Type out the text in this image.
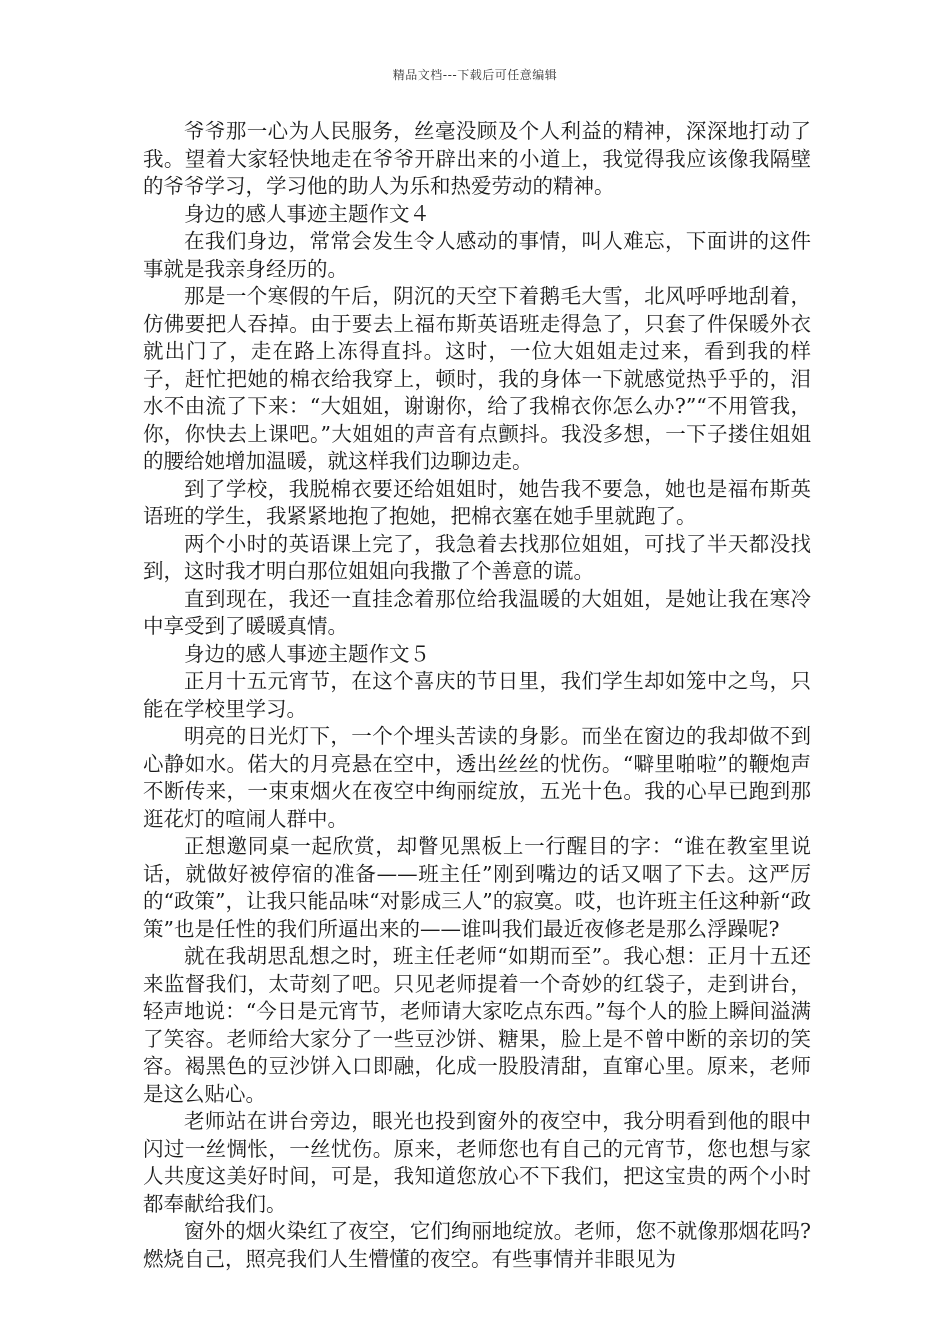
精品文档---下载后可任意编辑

爷爷那一心为人民服务，丝毫没顾及个人利益的精神，深深地打动了我。望着大家轻快地走在爷爷开辟出来的小道上，我觉得我应该像我隔壁的爷爷学习，学习他的助人为乐和热爱劳动的精神。

身边的感人事迹主题作文４

在我们身边，常常会发生令人感动的事情，叫人难忘，下面讲的这件事就是我亲身经历的。

那是一个寒假的午后，阴沉的天空下着鹅毛大雪，北风呼呼地刮着，仿佛要把人吞掉。由于要去上福布斯英语班走得急了，只套了件保暖外衣就出门了，走在路上冻得直抖。这时，一位大姐姐走过来，看到我的样子，赶忙把她的棉衣给我穿上，顿时，我的身体一下就感觉热乎乎的，泪水不由流了下来：“大姐姐，谢谢你，给了我棉衣你怎么办?”“不用管我，你，你快去上课吧。”大姐姐的声音有点颤抖。我没多想，一下子搂住姐姐的腰给她增加温暖，就这样我们边聊边走。

到了学校，我脱棉衣要还给姐姐时，她告我不要急，她也是福布斯英语班的学生，我紧紧地抱了抱她，把棉衣塞在她手里就跑了。

两个小时的英语课上完了，我急着去找那位姐姐，可找了半天都没找到，这时我才明白那位姐姐向我撒了个善意的谎。

直到现在，我还一直挂念着那位给我温暖的大姐姐，是她让我在寒冷中享受到了暖暖真情。

身边的感人事迹主题作文５

正月十五元宵节，在这个喜庆的节日里，我们学生却如笼中之鸟，只能在学校里学习。

明亮的日光灯下，一个个埋头苦读的身影。而坐在窗边的我却做不到心静如水。偌大的月亮悬在空中，透出丝丝的忧伤。“噼里啪啦”的鞭炮声不断传来，一束束烟火在夜空中绚丽绽放，五光十色。我的心早已跑到那逛花灯的喧闹人群中。

正想邀同桌一起欣赏，却瞥见黑板上一行醒目的字：“谁在教室里说话，就做好被停宿的准备——班主任”刚到嘴边的话又咽了下去。这严厉的“政策”，让我只能品味“对影成三人”的寂寞。哎，也许班主任这种新“政策”也是任性的我们所逼出来的——谁叫我们最近夜修老是那么浮躁呢?

就在我胡思乱想之时，班主任老师“如期而至”。我心想：正月十五还来监督我们，太苛刻了吧。只见老师提着一个奇妙的红袋子，走到讲台，轻声地说：“今日是元宵节，老师请大家吃点东西。”每个人的脸上瞬间溢满了笑容。老师给大家分了一些豆沙饼、糖果，脸上是不曾中断的亲切的笑容。褐黑色的豆沙饼入口即融，化成一股股清甜，直窜心里。原来，老师是这么贴心。

老师站在讲台旁边，眼光也投到窗外的夜空中，我分明看到他的眼中闪过一丝惆怅，一丝忧伤。原来，老师您也有自己的元宵节，您也想与家人共度这美好时间，可是，我知道您放心不下我们，把这宝贵的两个小时都奉献给我们。

窗外的烟火染红了夜空，它们绚丽地绽放。老师，您不就像那烟花吗?燃烧自己，照亮我们人生懵懂的夜空。有些事情并非眼见为
